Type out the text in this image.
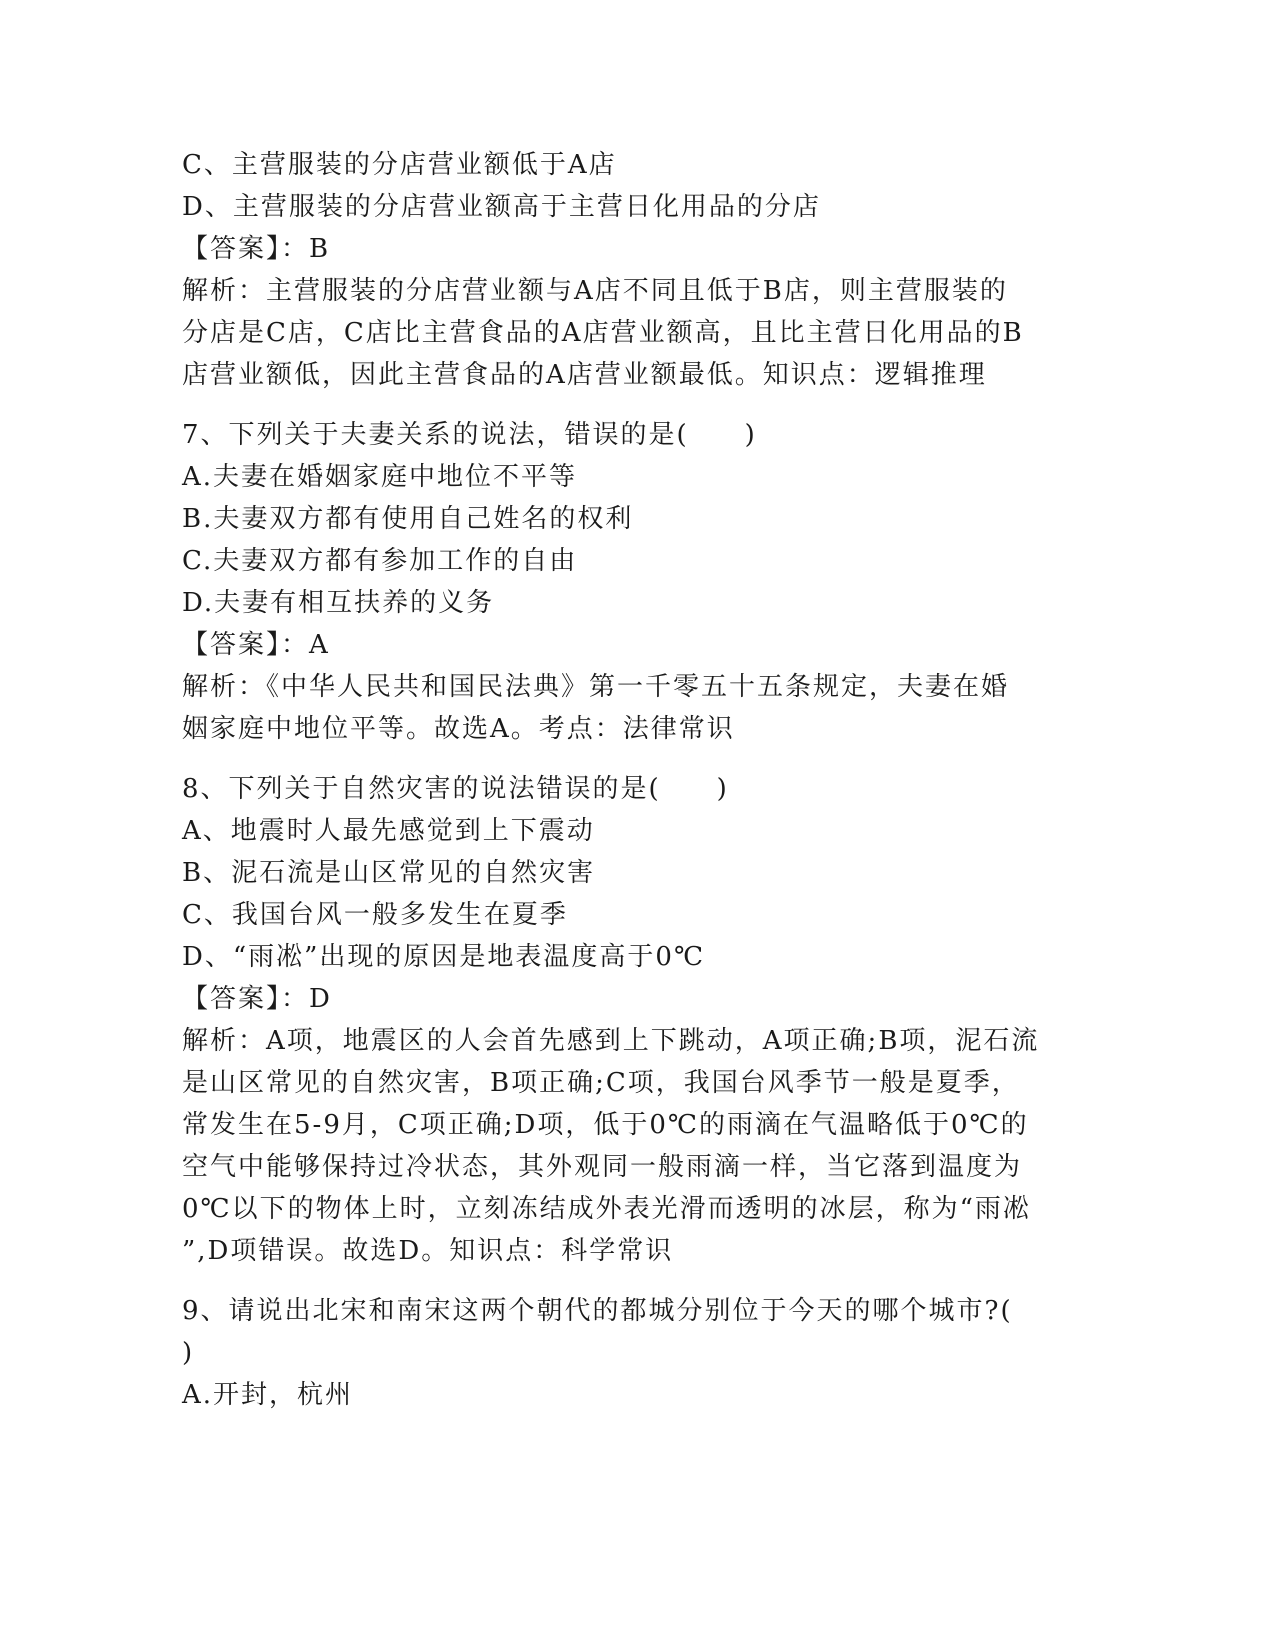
C、主营服装的分店营业额低于A店
D、主营服装的分店营业额高于主营日化用品的分店
【答案】：B
解析：主营服装的分店营业额与A店不同且低于B店，则主营服装的
分店是C店，C店比主营食品的A店营业额高，且比主营日化用品的B
店营业额低，因此主营食品的A店营业额最低。知识点：逻辑推理
7、下列关于夫妻关系的说法，错误的是(　　)
A.夫妻在婚姻家庭中地位不平等
B.夫妻双方都有使用自己姓名的权利
C.夫妻双方都有参加工作的自由
D.夫妻有相互扶养的义务
【答案】：A
解析：《中华人民共和国民法典》第一千零五十五条规定，夫妻在婚
姻家庭中地位平等。故选A。考点：法律常识
8、下列关于自然灾害的说法错误的是(　　)
A、地震时人最先感觉到上下震动
B、泥石流是山区常见的自然灾害
C、我国台风一般多发生在夏季
D、“雨凇”出现的原因是地表温度高于0℃
【答案】：D
解析：A项，地震区的人会首先感到上下跳动，A项正确;B项，泥石流
是山区常见的自然灾害，B项正确;C项，我国台风季节一般是夏季，
常发生在5-9月，C项正确;D项，低于0℃的雨滴在气温略低于0℃的
空气中能够保持过冷状态，其外观同一般雨滴一样，当它落到温度为
0℃以下的物体上时，立刻冻结成外表光滑而透明的冰层，称为“雨凇
”,D项错误。故选D。知识点：科学常识
9、请说出北宋和南宋这两个朝代的都城分别位于今天的哪个城市?(
)
A.开封，杭州
